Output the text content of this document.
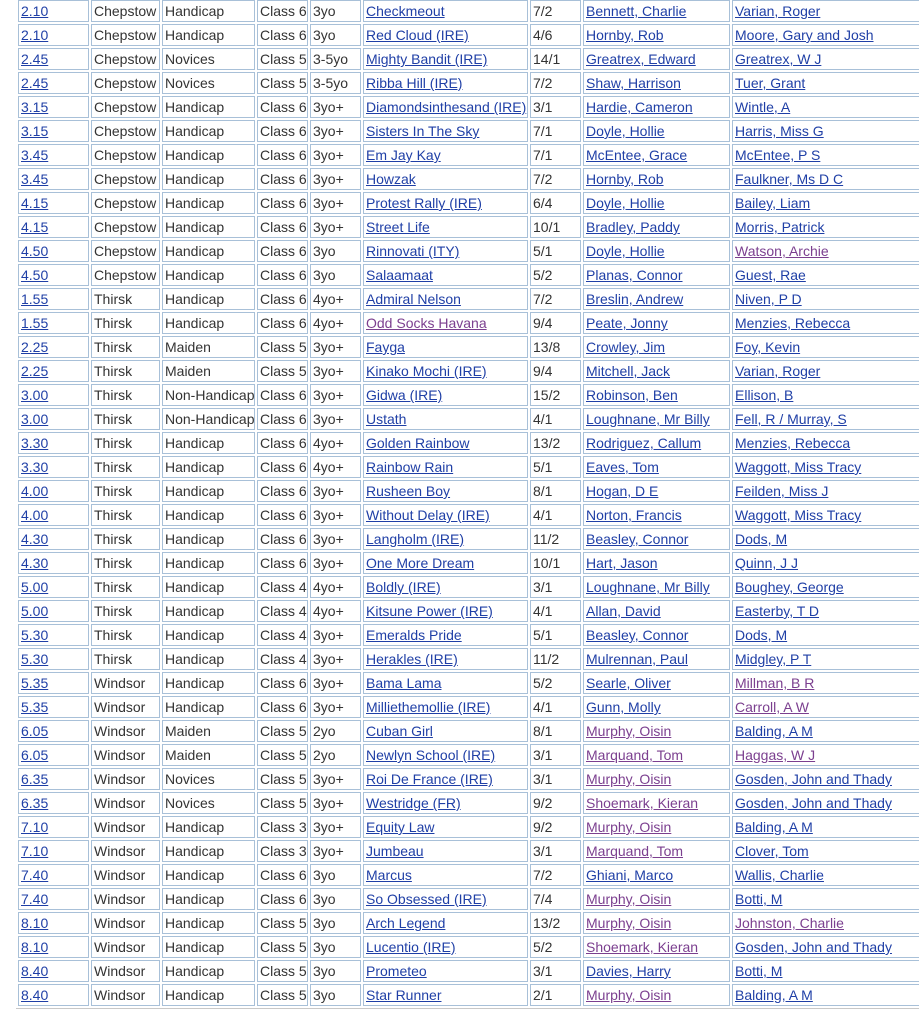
2.10	Chepstow	Handicap	Class 6	3yo	Checkmeout	7/2	Bennett, Charlie	Varian, Roger
2.10	Chepstow	Handicap	Class 6	3yo	Red Cloud (IRE)	4/6	Hornby, Rob	Moore, Gary and Josh
2.45	Chepstow	Novices	Class 5	3-5yo	Mighty Bandit (IRE)	14/1	Greatrex, Edward	Greatrex, W J
2.45	Chepstow	Novices	Class 5	3-5yo	Ribba Hill (IRE)	7/2	Shaw, Harrison	Tuer, Grant
3.15	Chepstow	Handicap	Class 6	3yo+	Diamondsinthesand (IRE)	3/1	Hardie, Cameron	Wintle, A
3.15	Chepstow	Handicap	Class 6	3yo+	Sisters In The Sky	7/1	Doyle, Hollie	Harris, Miss G
3.45	Chepstow	Handicap	Class 6	3yo+	Em Jay Kay	7/1	McEntee, Grace	McEntee, P S
3.45	Chepstow	Handicap	Class 6	3yo+	Howzak	7/2	Hornby, Rob	Faulkner, Ms D C
4.15	Chepstow	Handicap	Class 6	3yo+	Protest Rally (IRE)	6/4	Doyle, Hollie	Bailey, Liam
4.15	Chepstow	Handicap	Class 6	3yo+	Street Life	10/1	Bradley, Paddy	Morris, Patrick
4.50	Chepstow	Handicap	Class 6	3yo	Rinnovati (ITY)	5/1	Doyle, Hollie	Watson, Archie
4.50	Chepstow	Handicap	Class 6	3yo	Salaamaat	5/2	Planas, Connor	Guest, Rae
1.55	Thirsk	Handicap	Class 6	4yo+	Admiral Nelson	7/2	Breslin, Andrew	Niven, P D
1.55	Thirsk	Handicap	Class 6	4yo+	Odd Socks Havana	9/4	Peate, Jonny	Menzies, Rebecca
2.25	Thirsk	Maiden	Class 5	3yo+	Fayga	13/8	Crowley, Jim	Foy, Kevin
2.25	Thirsk	Maiden	Class 5	3yo+	Kinako Mochi (IRE)	9/4	Mitchell, Jack	Varian, Roger
3.00	Thirsk	Non-Handicap	Class 6	3yo+	Gidwa (IRE)	15/2	Robinson, Ben	Ellison, B
3.00	Thirsk	Non-Handicap	Class 6	3yo+	Ustath	4/1	Loughnane, Mr Billy	Fell, R / Murray, S
3.30	Thirsk	Handicap	Class 6	4yo+	Golden Rainbow	13/2	Rodriguez, Callum	Menzies, Rebecca
3.30	Thirsk	Handicap	Class 6	4yo+	Rainbow Rain	5/1	Eaves, Tom	Waggott, Miss Tracy
4.00	Thirsk	Handicap	Class 6	3yo+	Rusheen Boy	8/1	Hogan, D E	Feilden, Miss J
4.00	Thirsk	Handicap	Class 6	3yo+	Without Delay (IRE)	4/1	Norton, Francis	Waggott, Miss Tracy
4.30	Thirsk	Handicap	Class 6	3yo+	Langholm (IRE)	11/2	Beasley, Connor	Dods, M
4.30	Thirsk	Handicap	Class 6	3yo+	One More Dream	10/1	Hart, Jason	Quinn, J J
5.00	Thirsk	Handicap	Class 4	4yo+	Boldly (IRE)	3/1	Loughnane, Mr Billy	Boughey, George
5.00	Thirsk	Handicap	Class 4	4yo+	Kitsune Power (IRE)	4/1	Allan, David	Easterby, T D
5.30	Thirsk	Handicap	Class 4	3yo+	Emeralds Pride	5/1	Beasley, Connor	Dods, M
5.30	Thirsk	Handicap	Class 4	3yo+	Herakles (IRE)	11/2	Mulrennan, Paul	Midgley, P T
5.35	Windsor	Handicap	Class 6	3yo+	Bama Lama	5/2	Searle, Oliver	Millman, B R
5.35	Windsor	Handicap	Class 6	3yo+	Milliethemollie (IRE)	4/1	Gunn, Molly	Carroll, A W
6.05	Windsor	Maiden	Class 5	2yo	Cuban Girl	8/1	Murphy, Oisin	Balding, A M
6.05	Windsor	Maiden	Class 5	2yo	Newlyn School (IRE)	3/1	Marquand, Tom	Haggas, W J
6.35	Windsor	Novices	Class 5	3yo+	Roi De France (IRE)	3/1	Murphy, Oisin	Gosden, John and Thady
6.35	Windsor	Novices	Class 5	3yo+	Westridge (FR)	9/2	Shoemark, Kieran	Gosden, John and Thady
7.10	Windsor	Handicap	Class 3	3yo+	Equity Law	9/2	Murphy, Oisin	Balding, A M
7.10	Windsor	Handicap	Class 3	3yo+	Jumbeau	3/1	Marquand, Tom	Clover, Tom
7.40	Windsor	Handicap	Class 6	3yo	Marcus	7/2	Ghiani, Marco	Wallis, Charlie
7.40	Windsor	Handicap	Class 6	3yo	So Obsessed (IRE)	7/4	Murphy, Oisin	Botti, M
8.10	Windsor	Handicap	Class 5	3yo	Arch Legend	13/2	Murphy, Oisin	Johnston, Charlie
8.10	Windsor	Handicap	Class 5	3yo	Lucentio (IRE)	5/2	Shoemark, Kieran	Gosden, John and Thady
8.40	Windsor	Handicap	Class 5	3yo	Prometeo	3/1	Davies, Harry	Botti, M
8.40	Windsor	Handicap	Class 5	3yo	Star Runner	2/1	Murphy, Oisin	Balding, A M
